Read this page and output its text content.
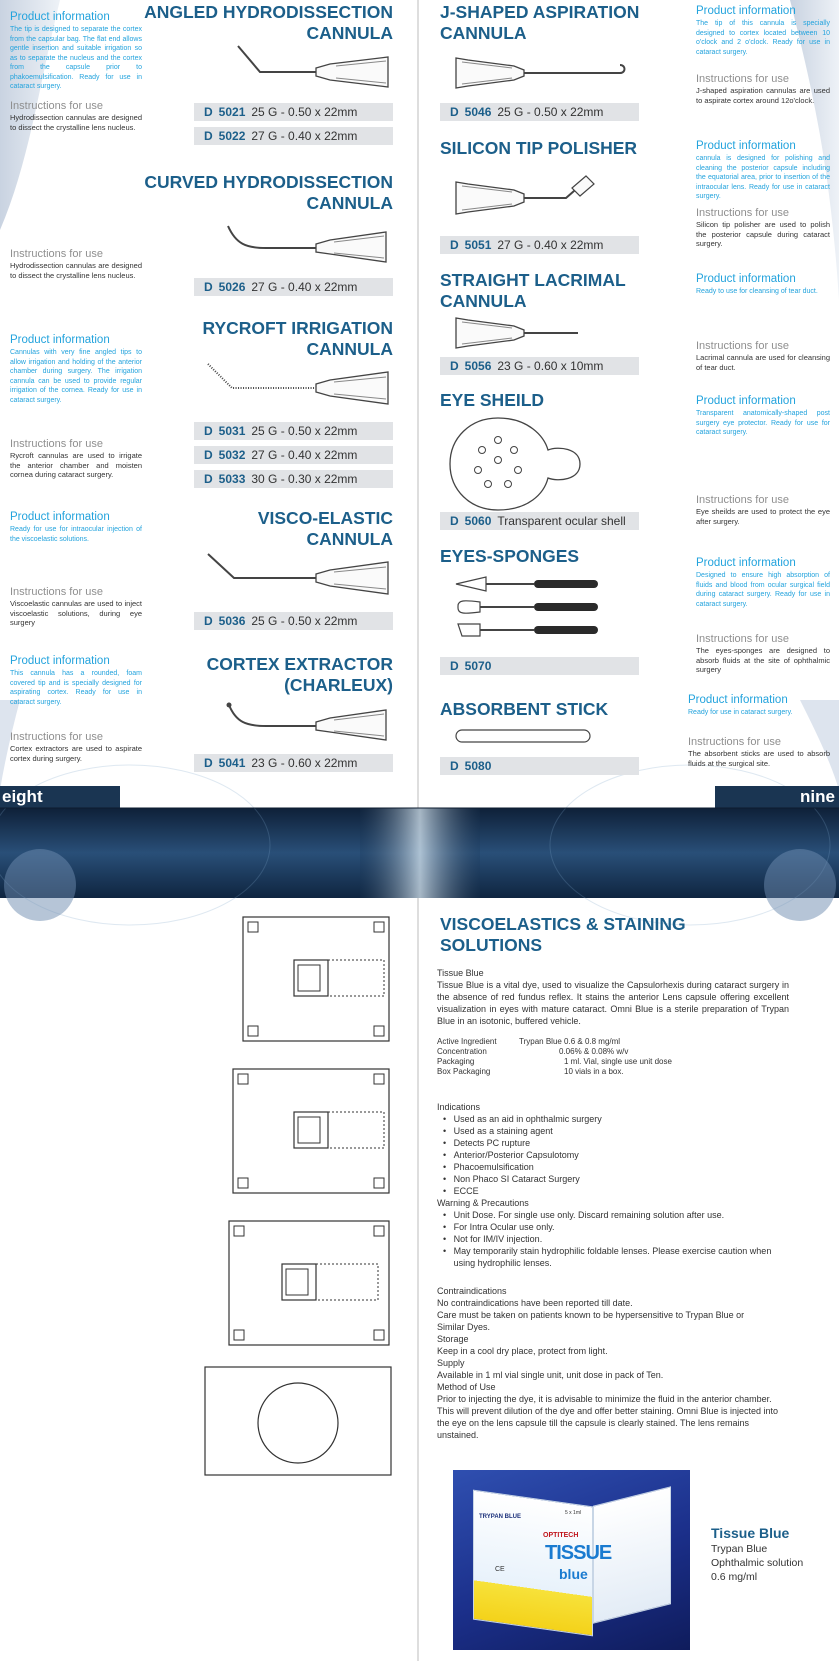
eight	nine
Product information
The tip is designed to separate the cortex from the capsular bag. The flat end allows gentle insertion and suitable irrigation so as to separate the nucleus and the cortex from the capsule prior to phakoemulsification. Ready for use in cataract surgery.
Instructions for use
Hydrodissection cannulas are designed to dissect the crystalline lens nucleus.
Instructions for use
Hydrodissection cannulas are designed to dissect the crystalline lens nucleus.
Product information
Cannulas with very fine angled tips to allow irrigation and holding of the anterior chamber during surgery. The irrigation cannula can be used to provide regular irrigation of the cornea. Ready for use in cataract surgery.
Instructions for use
Rycroft cannulas are used to irrigate the anterior chamber and moisten cornea during cataract surgery.
Product information
Ready for use for intraocular injection of the viscoelastic solutions.
Instructions for use
Viscoelastic cannulas are used to inject viscoelastic solutions, during eye surgery
Product information
This cannula has a rounded, foam covered tip and is specially designed for aspirating cortex. Ready for use in cataract surgery.
Instructions for use
Cortex extractors are used to aspirate cortex during surgery.
ANGLED HYDRODISSECTION
CANNULA
CURVED HYDRODISSECTION
CANNULA
RYCROFT IRRIGATION
CANNULA
VISCO-ELASTIC
CANNULA
CORTEX EXTRACTOR
(CHARLEUX)
D 5021 25 G - 0.50 x 22mm
D 5022 27 G - 0.40 x 22mm
D 5026 27 G - 0.40 x 22mm
D 5031 25 G - 0.50 x 22mm
D 5032 27 G - 0.40 x 22mm
D 5033 30 G - 0.30 x 22mm
D 5036 25 G - 0.50 x 22mm
D 5041 23 G - 0.60 x 22mm
J-SHAPED ASPIRATION
CANNULA
SILICON TIP POLISHER
STRAIGHT LACRIMAL
CANNULA
EYE SHEILD
EYES-SPONGES
ABSORBENT STICK
D 5046 25 G - 0.50 x 22mm
D 5051 27 G - 0.40 x 22mm
D 5056 23 G - 0.60 x 10mm
D 5060 Transparent ocular shell
D 5070
D 5080
Product information
The tip of this cannula is specially designed to cortex located between 10 o'clock and 2 o'clock. Ready for use in cataract surgery.
Instructions for use
J-shaped aspiration cannulas are used to aspirate cortex around 12o'clock.
Product information
cannula is designed for polishing and cleaning the posterior capsule including the equatorial area, prior to insertion of the intraocular lens. Ready for use in cataract surgery.
Instructions for use
Silicon tip polisher are used to polish the posterior capsule during cataract surgery.
Product information
Ready to use for cleansing of tear duct.
Instructions for use
Lacrimal cannula are used for cleansing of tear duct.
Product information
Transparent anatomically-shaped post surgery eye protector. Ready for use for cataract surgery.
Instructions for use
Eye sheilds are used to protect the eye after surgery.
Product information
Designed to ensure high absorption of fluids and blood from ocular surgical field during cataract surgery. Ready for use in cataract surgery.
Instructions for use
The eyes-sponges are designed to absorb fluids at the site of ophthalmic surgery
Product information
Ready for use in cataract surgery.
Instructions for use
The absorbent sticks are used to absorb fluids at the surgical site.
VISCOELASTICS & STAINING
SOLUTIONS
Tissue Blue
Tissue Blue is a vital dye, used to visualize the Capsulorhexis during cataract surgery in the absence of red fundus reflex. It stains the anterior Lens capsule offering excellent visualization in eyes with mature cataract. Omni Blue is a sterile preparation of Trypan Blue in an isotonic, buffered vehicle.
Active Ingredient	Trypan Blue 0.6 & 0.8 mg/ml
Concentration	0.06% & 0.08% w/v
Packaging	1 ml. Vial, single use unit dose
Box Packaging	10 vials in a box.
Indications
•   Used as an aid in ophthalmic surgery
•   Used as a staining agent
•   Detects PC rupture
•   Anterior/Posterior Capsulotomy
•   Phacoemulsification
•   Non Phaco SI Cataract Surgery
•   ECCE
Warning & Precautions
•   Unit Dose. For single use only. Discard remaining solution after use.
•   For Intra Ocular use only.
•   Not for IM/IV injection.
• May temporarily stain hydrophilic foldable lenses. Please exercise caution when using hydrophilic lenses.
Contraindications
No contraindications have been reported till date.
Care must be taken on patients known to be hypersensitive to Trypan Blue or Similar Dyes.
Storage
Keep in a cool dry place, protect from light.
Supply
Available in 1 ml vial single unit, unit dose in pack of Ten.
Method of Use
Prior to injecting the dye, it is advisable to minimize the fluid in the anterior chamber. This will prevent dilution of the dye and offer better staining. Omni Blue is injected into the eye on the lens capsule till the capsule is clearly stained. The lens remains unstained.
TRYPAN BLUE
5 x 1ml
OPTITECH
TISSUE
blue
CE
Tissue Blue
Trypan Blue
Ophthalmic solution
0.6 mg/ml
